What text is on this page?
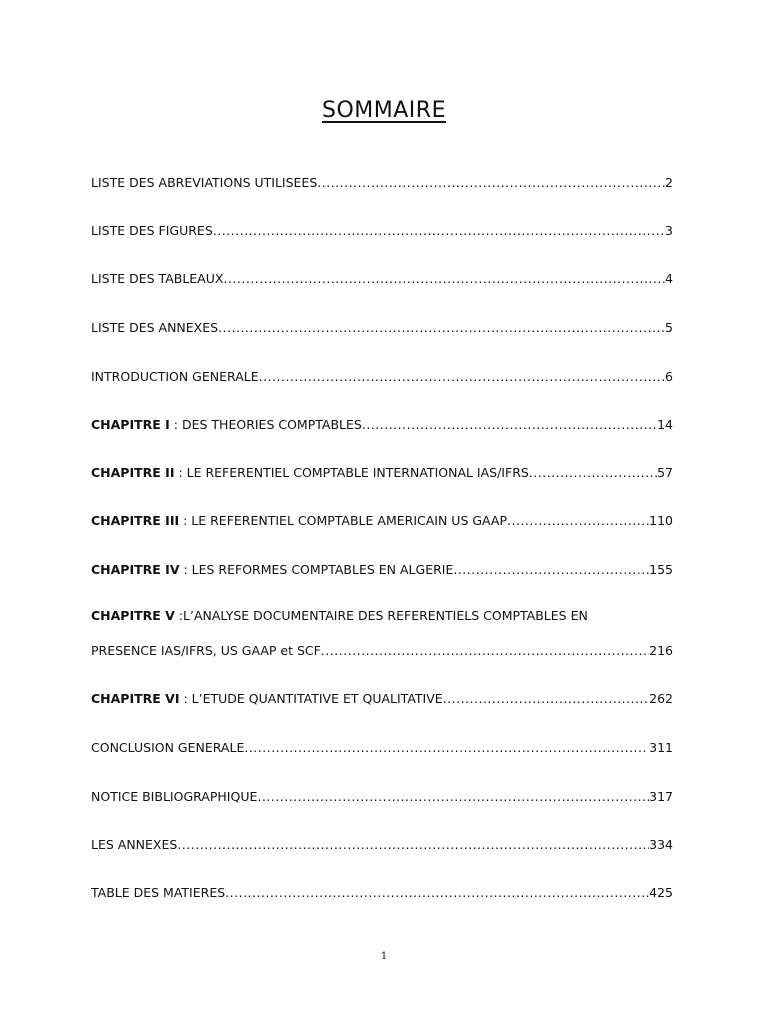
SOMMAIRE
LISTE DES ABREVIATIONS UTILISEES .....	2
LISTE DES FIGURES .....	3
LISTE DES TABLEAUX .....	4
LISTE DES ANNEXES .....	5
INTRODUCTION GENERALE .....	6
CHAPITRE I : DES THEORIES COMPTABLES .....	14
CHAPITRE II : LE REFERENTIEL COMPTABLE INTERNATIONAL IAS/IFRS .....	57
CHAPITRE III : LE REFERENTIEL COMPTABLE AMERICAIN US GAAP .....	110
CHAPITRE IV : LES REFORMES COMPTABLES EN ALGERIE .....	155
CHAPITRE V :L’ANALYSE DOCUMENTAIRE DES REFERENTIELS COMPTABLES EN
PRESENCE IAS/IFRS, US GAAP et SCF .....	216
CHAPITRE VI : L’ETUDE QUANTITATIVE ET QUALITATIVE .....	262
CONCLUSION GENERALE .....	311
NOTICE BIBLIOGRAPHIQUE .....	317
LES ANNEXES .....	334
TABLE DES MATIERES .....	425
1
